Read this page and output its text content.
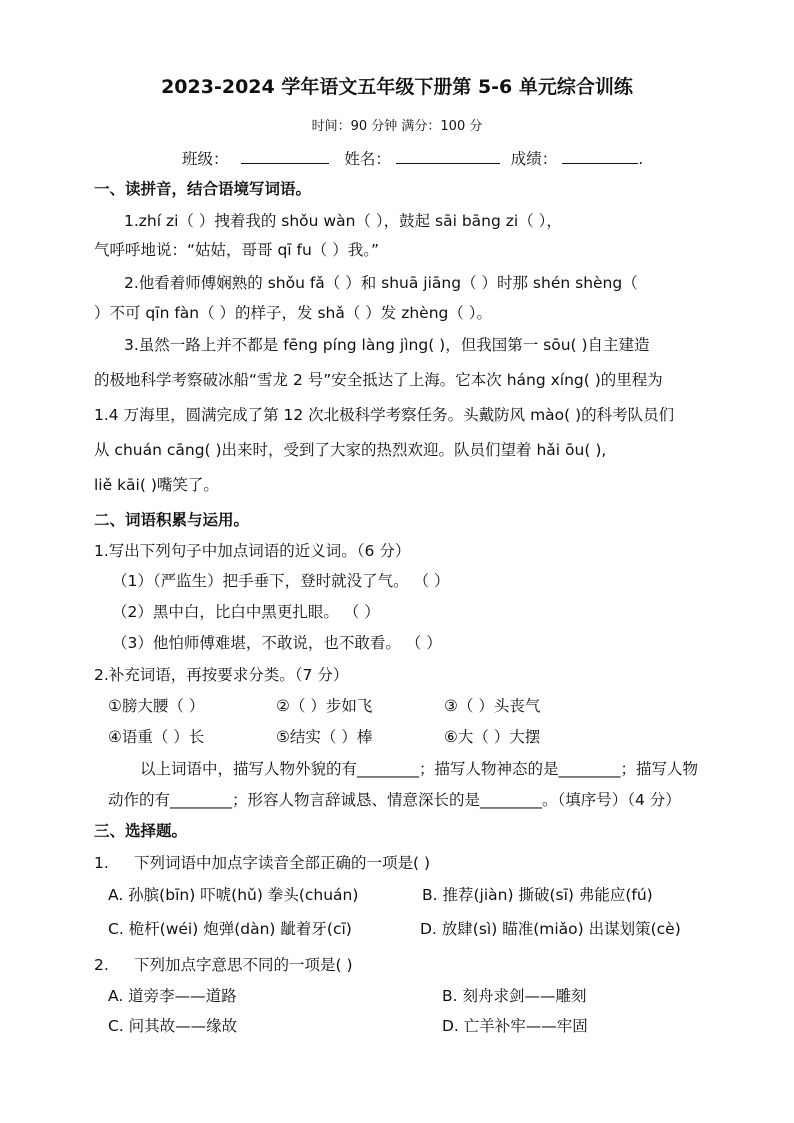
2023-2024 学年语文五年级下册第 5-6 单元综合训练
时间：90 分钟 满分：100 分
班级：	姓名：	成绩：	.
一、读拼音，结合语境写词语。
1.zhí zi（ ）拽着我的 shǒu wàn（ ），鼓起 sāi bāng zi（ ），
气呼呼地说：“姑姑，哥哥 qī fu（ ）我。”
2.他看着师傅娴熟的 shǒu fǎ（ ）和 shuā jiāng（ ）时那 shén shèng（
）不可 qīn fàn（ ）的样子，发 shǎ（ ）发 zhèng（ ）。
3.虽然一路上并不都是 fēng píng làng jìng( )，但我国第一 sōu( )自主建造
的极地科学考察破冰船“雪龙 2 号”安全抵达了上海。它本次 háng xíng( )的里程为
1.4 万海里，圆满完成了第 12 次北极科学考察任务。头戴防风 mào( )的科考队员们
从 chuán cāng( )出来时，受到了大家的热烈欢迎。队员们望着 hǎi ōu( ),
liě kāi( )嘴笑了。
二、词语积累与运用。
1.写出下列句子中加点词语的近义词。（6 分）
（1）（严监生）把手垂下，登时就没了气。 （ ）
（2）黑中白，比白中黑更扎眼。 （ ）
（3）他怕师傅难堪，不敢说，也不敢看。 （ ）
2.补充词语，再按要求分类。（7 分）
①膀大腰（ ）	②（ ）步如飞	③（ ）头丧气
④语重（ ）长	⑤结实（ ）棒	⑥大（ ）大摆
以上词语中，描写人物外貌的有________；描写人物神态的是________；描写人物
动作的有________；形容人物言辞诚恳、情意深长的是________。（填序号）（4 分）
三、选择题。
1. 下列词语中加点字读音全部正确的一项是( )
A. 孙膑(bīn) 吓唬(hǔ) 拳头(chuán)	B. 推荐(jiàn) 撕破(sī) 弗能应(fú)
C. 桅杆(wéi) 炮弹(dàn) 龇着牙(cī)	D. 放肆(sì) 瞄准(miǎo) 出谋划策(cè)
2. 下列加点字意思不同的一项是( )
A. 道旁李——道路	B. 刻舟求剑——雕刻
C. 问其故——缘故	D. 亡羊补牢——牢固
